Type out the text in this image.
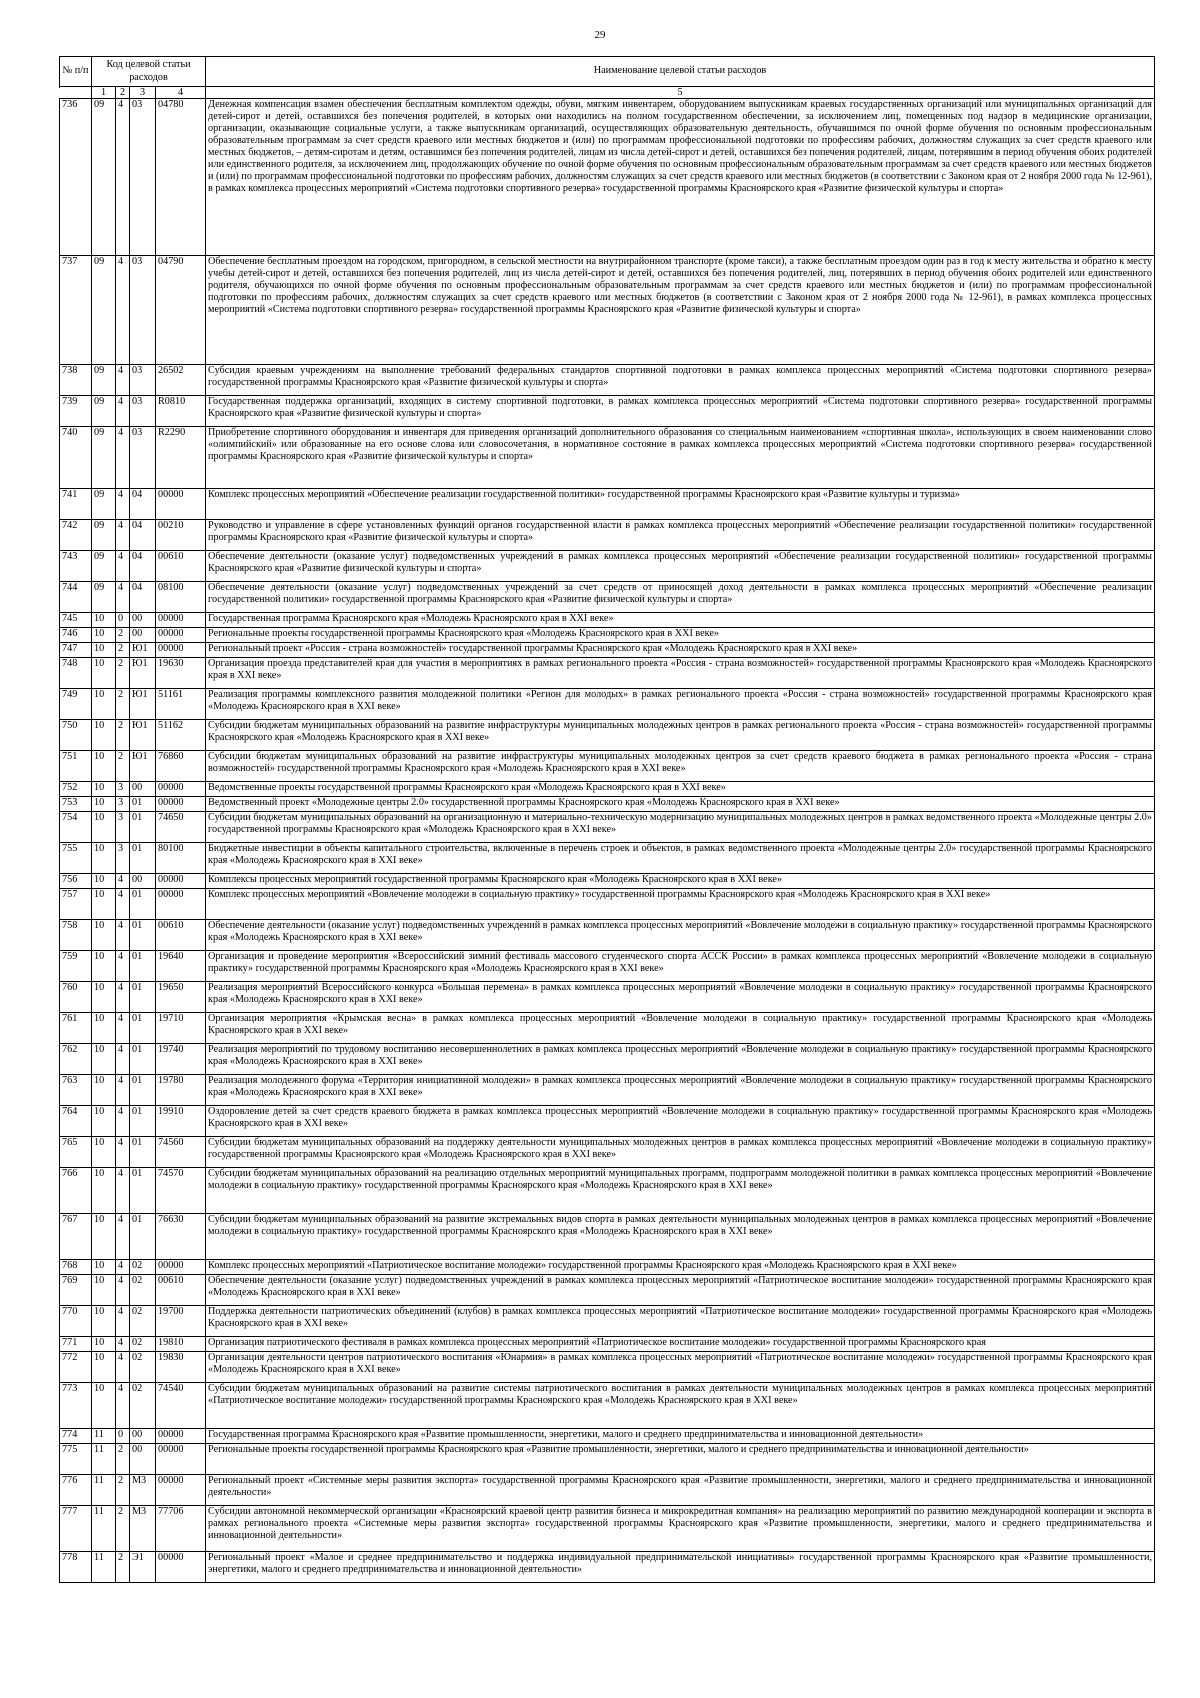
29
№ п/п	Код целевой статьи расходов				Наименование целевой статьи расходов

	1	2	3	4	5
736	09	4	03	04780	Денежная компенсация взамен обеспечения бесплатным комплектом одежды, обуви, мягким инвентарем, оборудованием выпускникам краевых государственных организаций или муниципальных организаций для детей-сирот и детей, оставшихся без попечения родителей, в которых они находились на полном государственном обеспечении, за исключением лиц, помещенных под надзор в медицинские организации, организации, оказывающие социальные услуги, а также выпускникам организаций, осуществляющих образовательную деятельность, обучавшимся по очной форме обучения по основным профессиональным образовательным программам за счет средств краевого или местных бюджетов и (или) по программам профессиональной подготовки по профессиям рабочих, должностям служащих за счет средств краевого или местных бюджетов, – детям-сиротам и детям, оставшимся без попечения родителей, лицам из числа детей-сирот и детей, оставшихся без попечения родителей, лицам, потерявшим в период обучения обоих родителей или единственного родителя, за исключением лиц, продолжающих обучение по очной форме обучения по основным профессиональным образовательным программам за счет средств краевого или местных бюджетов и (или) по программам профессиональной подготовки по профессиям рабочих, должностям служащих за счет средств краевого или местных бюджетов (в соответствии с Законом края от 2 ноября 2000 года № 12-961), в рамках комплекса процессных мероприятий «Система подготовки спортивного резерва» государственной программы Красноярского края «Развитие физической культуры и спорта»
737	09	4	03	04790	Обеспечение бесплатным проездом на городском, пригородном, в сельской местности на внутрирайонном транспорте (кроме такси), а также бесплатным проездом один раз в год к месту жительства и обратно к месту учебы детей-сирот и детей, оставшихся без попечения родителей, лиц из числа детей-сирот и детей, оставшихся без попечения родителей, лиц, потерявших в период обучения обоих родителей или единственного родителя, обучающихся по очной форме обучения по основным профессиональным образовательным программам за счет средств краевого или местных бюджетов и (или) по программам профессиональной подготовки по профессиям рабочих, должностям служащих за счет средств краевого или местных бюджетов (в соответствии с Законом края от 2 ноября 2000 года № 12-961), в рамках комплекса процессных мероприятий «Система подготовки спортивного резерва» государственной программы Красноярского края «Развитие физической культуры и спорта»
738	09	4	03	26502	Субсидия краевым учреждениям на выполнение требований федеральных стандартов спортивной подготовки в рамках комплекса процессных мероприятий «Система подготовки спортивного резерва» государственной программы Красноярского края «Развитие физической культуры и спорта»
739	09	4	03	R0810	Государственная поддержка организаций, входящих в систему спортивной подготовки, в рамках комплекса процессных мероприятий «Система подготовки спортивного резерва» государственной программы Красноярского края «Развитие физической культуры и спорта»
740	09	4	03	R2290	Приобретение спортивного оборудования и инвентаря для приведения организаций дополнительного образования со специальным наименованием «спортивная школа», использующих в своем наименовании слово «олимпийский» или образованные на его основе слова или словосочетания, в нормативное состояние в рамках комплекса процессных мероприятий «Система подготовки спортивного резерва» государственной программы Красноярского края «Развитие физической культуры и спорта»
741	09	4	04	00000	Комплекс процессных мероприятий «Обеспечение реализации государственной политики» государственной программы Красноярского края «Развитие культуры и туризма»
742	09	4	04	00210	Руководство и управление в сфере установленных функций органов государственной власти в рамках комплекса процессных мероприятий «Обеспечение реализации государственной политики» государственной программы Красноярского края «Развитие физической культуры и спорта»
743	09	4	04	00610	Обеспечение деятельности (оказание услуг) подведомственных учреждений в рамках комплекса процессных мероприятий «Обеспечение реализации государственной политики» государственной программы Красноярского края «Развитие физической культуры и спорта»
744	09	4	04	08100	Обеспечение деятельности (оказание услуг) подведомственных учреждений за счет средств от приносящей доход деятельности в рамках комплекса процессных мероприятий «Обеспечение реализации государственной политики» государственной программы Красноярского края «Развитие физической культуры и спорта»
745	10	0	00	00000	Государственная программа Красноярского края «Молодежь Красноярского края в XXI веке»
746	10	2	00	00000	Региональные проекты государственной программы Красноярского края «Молодежь Красноярского края в XXI веке»
747	10	2	Ю1	00000	Региональный проект «Россия - страна возможностей» государственной программы Красноярского края «Молодежь Красноярского края в XXI веке»
748	10	2	Ю1	19630	Организация проезда представителей края для участия в мероприятиях в рамках регионального проекта «Россия - страна возможностей» государственной программы Красноярского края «Молодежь Красноярского края в XXI веке»
749	10	2	Ю1	51161	Реализация программы комплексного развития молодежной политики «Регион для молодых» в рамках регионального проекта «Россия - страна возможностей» государственной программы Красноярского края «Молодежь Красноярского края в XXI веке»
750	10	2	Ю1	51162	Субсидии бюджетам муниципальных образований на развитие инфраструктуры муниципальных молодежных центров в рамках регионального проекта «Россия - страна возможностей» государственной программы Красноярского края «Молодежь Красноярского края в XXI веке»
751	10	2	Ю1	76860	Субсидии бюджетам муниципальных образований на развитие инфраструктуры муниципальных молодежных центров за счет средств краевого бюджета в рамках регионального проекта «Россия - страна возможностей» государственной программы Красноярского края «Молодежь Красноярского края в XXI веке»
752	10	3	00	00000	Ведомственные проекты государственной программы Красноярского края «Молодежь Красноярского края в XXI веке»
753	10	3	01	00000	Ведомственный проект «Молодежные центры 2.0» государственной программы Красноярского края «Молодежь Красноярского края в XXI веке»
754	10	3	01	74650	Субсидии бюджетам муниципальных образований на организационную и материально-техническую модернизацию муниципальных молодежных центров в рамках ведомственного проекта «Молодежные центры 2.0» государственной программы Красноярского края «Молодежь Красноярского края в XXI веке»
755	10	3	01	80100	Бюджетные инвестиции в объекты капитального строительства, включенные в перечень строек и объектов, в рамках ведомственного проекта «Молодежные центры 2.0» государственной программы Красноярского края «Молодежь Красноярского края в XXI веке»
756	10	4	00	00000	Комплексы процессных мероприятий государственной программы Красноярского края «Молодежь Красноярского края в XXI веке»
757	10	4	01	00000	Комплекс процессных мероприятий «Вовлечение молодежи в социальную практику» государственной программы Красноярского края «Молодежь Красноярского края в XXI веке»
758	10	4	01	00610	Обеспечение деятельности (оказание услуг) подведомственных учреждений в рамках комплекса процессных мероприятий «Вовлечение молодежи в социальную практику» государственной программы Красноярского края «Молодежь Красноярского края в XXI веке»
759	10	4	01	19640	Организация и проведение мероприятия «Всероссийский зимний фестиваль массового студенческого спорта АССК России» в рамках комплекса процессных мероприятий «Вовлечение молодежи в социальную практику» государственной программы Красноярского края «Молодежь Красноярского края в XXI веке»
760	10	4	01	19650	Реализация мероприятий Всероссийского конкурса «Большая перемена» в рамках комплекса процессных мероприятий «Вовлечение молодежи в социальную практику» государственной программы Красноярского края «Молодежь Красноярского края в XXI веке»
761	10	4	01	19710	Организация мероприятия «Крымская весна» в рамках комплекса процессных мероприятий «Вовлечение молодежи в социальную практику» государственной программы Красноярского края «Молодежь Красноярского края в XXI веке»
762	10	4	01	19740	Реализация мероприятий по трудовому воспитанию несовершеннолетних в рамках комплекса процессных мероприятий «Вовлечение молодежи в социальную практику» государственной программы Красноярского края «Молодежь Красноярского края в XXI веке»
763	10	4	01	19780	Реализация молодежного форума «Территория инициативной молодежи» в рамках комплекса процессных мероприятий «Вовлечение молодежи в социальную практику» государственной программы Красноярского края «Молодежь Красноярского края в XXI веке»
764	10	4	01	19910	Оздоровление детей за счет средств краевого бюджета в рамках комплекса процессных мероприятий «Вовлечение молодежи в социальную практику» государственной программы Красноярского края «Молодежь Красноярского края в XXI веке»
765	10	4	01	74560	Субсидии бюджетам муниципальных образований на поддержку деятельности муниципальных молодежных центров в рамках комплекса процессных мероприятий «Вовлечение молодежи в социальную практику» государственной программы Красноярского края «Молодежь Красноярского края в XXI веке»
766	10	4	01	74570	Субсидии бюджетам муниципальных образований на реализацию отдельных мероприятий муниципальных программ, подпрограмм молодежной политики в рамках комплекса процессных мероприятий «Вовлечение молодежи в социальную практику» государственной программы Красноярского края «Молодежь Красноярского края в XXI веке»
767	10	4	01	76630	Субсидии бюджетам муниципальных образований на развитие экстремальных видов спорта в рамках деятельности муниципальных молодежных центров в рамках комплекса процессных мероприятий «Вовлечение молодежи в социальную практику» государственной программы Красноярского края «Молодежь Красноярского края в XXI веке»
768	10	4	02	00000	Комплекс процессных мероприятий «Патриотическое воспитание молодежи» государственной программы Красноярского края «Молодежь Красноярского края в XXI веке»
769	10	4	02	00610	Обеспечение деятельности (оказание услуг) подведомственных учреждений в рамках комплекса процессных мероприятий «Патриотическое воспитание молодежи» государственной программы Красноярского края «Молодежь Красноярского края в XXI веке»
770	10	4	02	19700	Поддержка деятельности патриотических объединений (клубов) в рамках комплекса процессных мероприятий «Патриотическое воспитание молодежи» государственной программы Красноярского края «Молодежь Красноярского края в XXI веке»
771	10	4	02	19810	Организация патриотического фестиваля в рамках комплекса процессных мероприятий «Патриотическое воспитание молодежи» государственной программы Красноярского края
772	10	4	02	19830	Организация деятельности центров патриотического воспитания «Юнармия» в рамках комплекса процессных мероприятий «Патриотическое воспитание молодежи» государственной программы Красноярского края «Молодежь Красноярского края в XXI веке»
773	10	4	02	74540	Субсидии бюджетам муниципальных образований на развитие системы патриотического воспитания в рамках деятельности муниципальных молодежных центров в рамках комплекса процессных мероприятий «Патриотическое воспитание молодежи» государственной программы Красноярского края «Молодежь Красноярского края в XXI веке»
774	11	0	00	00000	Государственная программа Красноярского края «Развитие промышленности, энергетики, малого и среднего предпринимательства и инновационной деятельности»
775	11	2	00	00000	Региональные проекты государственной программы Красноярского края «Развитие промышленности, энергетики, малого и среднего предпринимательства и инновационной деятельности»
776	11	2	М3	00000	Региональный проект «Системные меры развития экспорта» государственной программы Красноярского края «Развитие промышленности, энергетики, малого и среднего предпринимательства и инновационной деятельности»
777	11	2	М3	77706	Субсидии автономной некоммерческой организации «Красноярский краевой центр развития бизнеса и микрокредитная компания» на реализацию мероприятий по развитию международной кооперации и экспорта в рамках регионального проекта «Системные меры развития экспорта» государственной программы Красноярского края «Развитие промышленности, энергетики, малого и среднего предпринимательства и инновационной деятельности»
778	11	2	Э1	00000	Региональный проект «Малое и среднее предпринимательство и поддержка индивидуальной предпринимательской инициативы» государственной программы Красноярского края «Развитие промышленности, энергетики, малого и среднего предпринимательства и инновационной деятельности»
